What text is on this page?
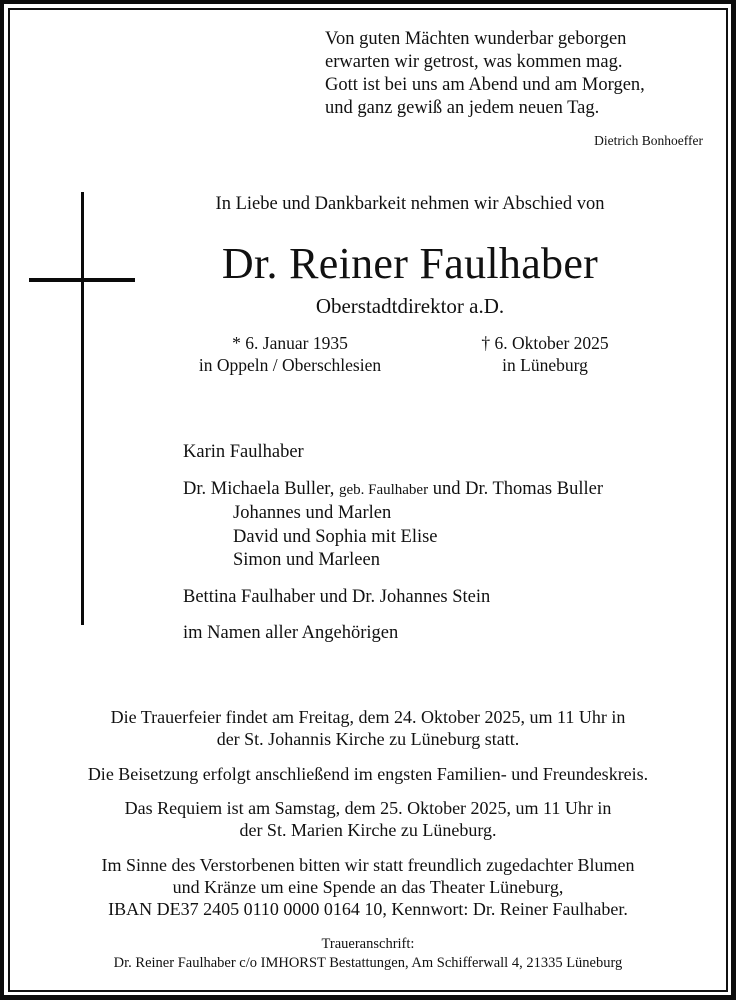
Von guten Mächten wunderbar geborgen
erwarten wir getrost, was kommen mag.
Gott ist bei uns am Abend und am Morgen,
und ganz gewiß an jedem neuen Tag.
Dietrich Bonhoeffer
In Liebe und Dankbarkeit nehmen wir Abschied von
Dr. Reiner Faulhaber
Oberstadtdirektor a.D.
* 6. Januar 1935
in Oppeln / Oberschlesien
† 6. Oktober 2025
in Lüneburg
Karin Faulhaber
Dr. Michaela Buller, geb. Faulhaber und Dr. Thomas Buller
Johannes und Marlen
David und Sophia mit Elise
Simon und Marleen
Bettina Faulhaber und Dr. Johannes Stein
im Namen aller Angehörigen
Die Trauerfeier findet am Freitag, dem 24. Oktober 2025, um 11 Uhr in
der St. Johannis Kirche zu Lüneburg statt.
Die Beisetzung erfolgt anschließend im engsten Familien- und Freundeskreis.
Das Requiem ist am Samstag, dem 25. Oktober 2025, um 11 Uhr in
der St. Marien Kirche zu Lüneburg.
Im Sinne des Verstorbenen bitten wir statt freundlich zugedachter Blumen
und Kränze um eine Spende an das Theater Lüneburg,
IBAN DE37 2405 0110 0000 0164 10, Kennwort: Dr. Reiner Faulhaber.
Traueranschrift:
Dr. Reiner Faulhaber c/o IMHORST Bestattungen, Am Schifferwall 4, 21335 Lüneburg
